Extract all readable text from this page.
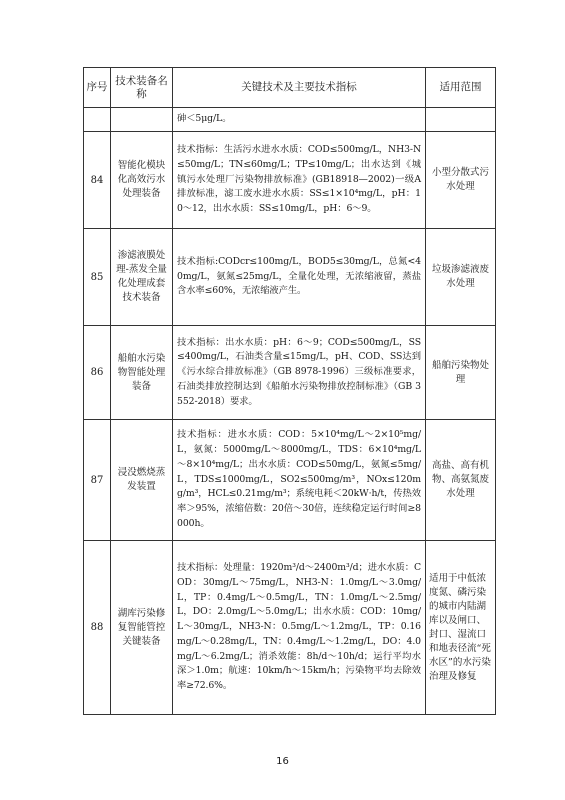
序号	技术装备名称	关键技术及主要技术指标	适用范围
		砷＜5μg/L。	
84	智能化模块化高效污水处理装备	技术指标：生活污水进水水质：COD≤500mg/L，NH3-N≤50mg/L；TN≤60mg/L；TP≤10mg/L；出水达到《城镇污水处理厂污染物排放标准》(GB18918—2002)一级A排放标准，滤工废水进水水质：SS≤1×10⁴mg/L，pH：10～12，出水水质：SS≤10mg/L，pH：6～9。	小型分散式污水处理
85	渗滤液膜处理-蒸发全量化处理成套技术装备	技术指标:CODcr≤100mg/L，BOD5≤30mg/L，总氮<40mg/L，氨氮≤25mg/L，全量化处理，无浓缩液留，蒸盐含水率≤60%，无浓缩液产生。	垃圾渗滤液废水处理
86	船舶水污染物智能处理装备	技术指标：出水水质：pH：6～9；COD≤500mg/L，SS≤400mg/L，石油类含量≤15mg/L，pH、COD、SS达到《污水综合排放标准》（GB 8978-1996）三级标准要求，石油类排放控制达到《船舶水污染物排放控制标准》（GB 3552-2018）要求。	船舶污染物处理
87	浸没燃烧蒸发装置	技术指标：进水水质：COD：5×10⁴mg/L～2×10⁵mg/L，氨氮：5000mg/L～8000mg/L，TDS：6×10⁴mg/L～8×10⁴mg/L；出水水质：COD≤50mg/L，氨氮≤5mg/L，TDS≤1000mg/L，SO2≤500mg/m³，NOx≤120mg/m³，HCL≤0.21mg/m³；系统电耗＜20kW·h/t，传热效率＞95%，浓缩倍数：20倍～30倍，连续稳定运行时间≥8000h。	高盐、高有机物、高氨氮废水处理
88	湖库污染修复智能管控关键装备	技术指标：处理量：1920m³/d～2400m³/d；进水水质：COD：30mg/L～75mg/L，NH3-N：1.0mg/L～3.0mg/L，TP：0.4mg/L～0.5mg/L，TN：1.0mg/L～2.5mg/L，DO：2.0mg/L～5.0mg/L；出水水质：COD：10mg/L～30mg/L，NH3-N：0.5mg/L～1.2mg/L，TP：0.16mg/L～0.28mg/L，TN：0.4mg/L～1.2mg/L，DO：4.0mg/L～6.2mg/L；消杀效能：8h/d～10h/d；运行平均水深＞1.0m；航速：10km/h～15km/h；污染物平均去除效率≥72.6%。	适用于中低浓度氮、磷污染的城市内陆湖库以及闸口、封口、湿流口和地表径流“死水区”的水污染治理及修复
16
